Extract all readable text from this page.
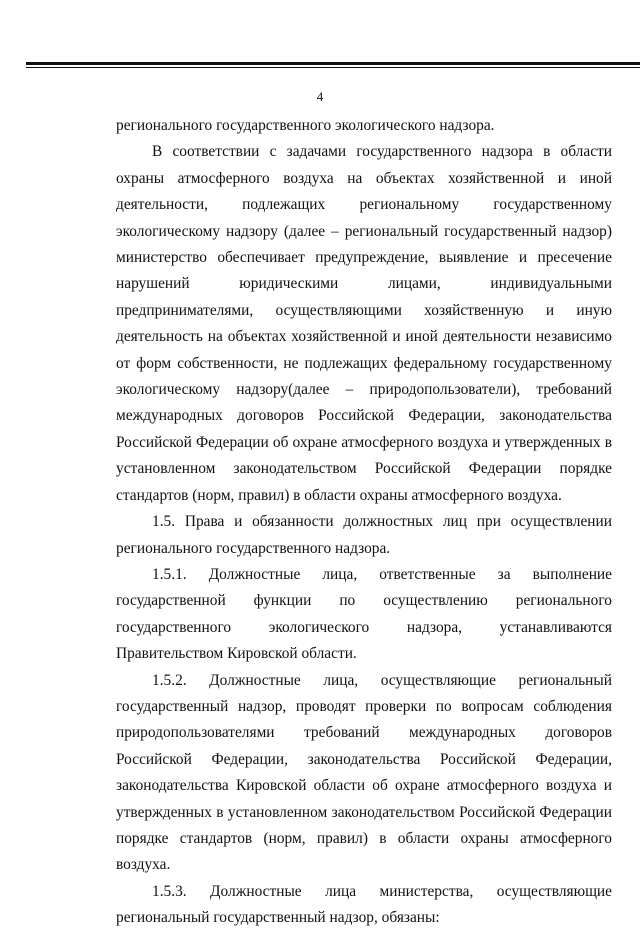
4

регионального государственного экологического надзора.

В соответствии с задачами государственного надзора в области охраны атмосферного воздуха на объектах хозяйственной и иной деятельности, подлежащих региональному государственному экологическому надзору (далее – региональный государственный надзор) министерство обеспечивает предупреждение, выявление и пресечение нарушений юридическими лицами, индивидуальными предпринимателями, осуществляющими хозяйственную и иную деятельность на объектах хозяйственной и иной деятельности независимо от форм собственности, не подлежащих федеральному государственному экологическому надзору(далее – природопользователи), требований международных договоров Российской Федерации, законодательства Российской Федерации об охране атмосферного воздуха и утвержденных в установленном законодательством Российской Федерации порядке стандартов (норм, правил) в области охраны атмосферного воздуха.

1.5. Права и обязанности должностных лиц при осуществлении регионального государственного надзора.

1.5.1. Должностные лица, ответственные за выполнение государственной функции по осуществлению регионального государственного экологического надзора, устанавливаются Правительством Кировской области.

1.5.2. Должностные лица, осуществляющие региональный государственный надзор, проводят проверки по вопросам соблюдения природопользователями требований международных договоров Российской Федерации, законодательства Российской Федерации, законодательства Кировской области об охране атмосферного воздуха и утвержденных в установленном законодательством Российской Федерации порядке стандартов (норм, правил) в области охраны атмосферного воздуха.

1.5.3. Должностные лица министерства, осуществляющие региональный государственный надзор, обязаны:
